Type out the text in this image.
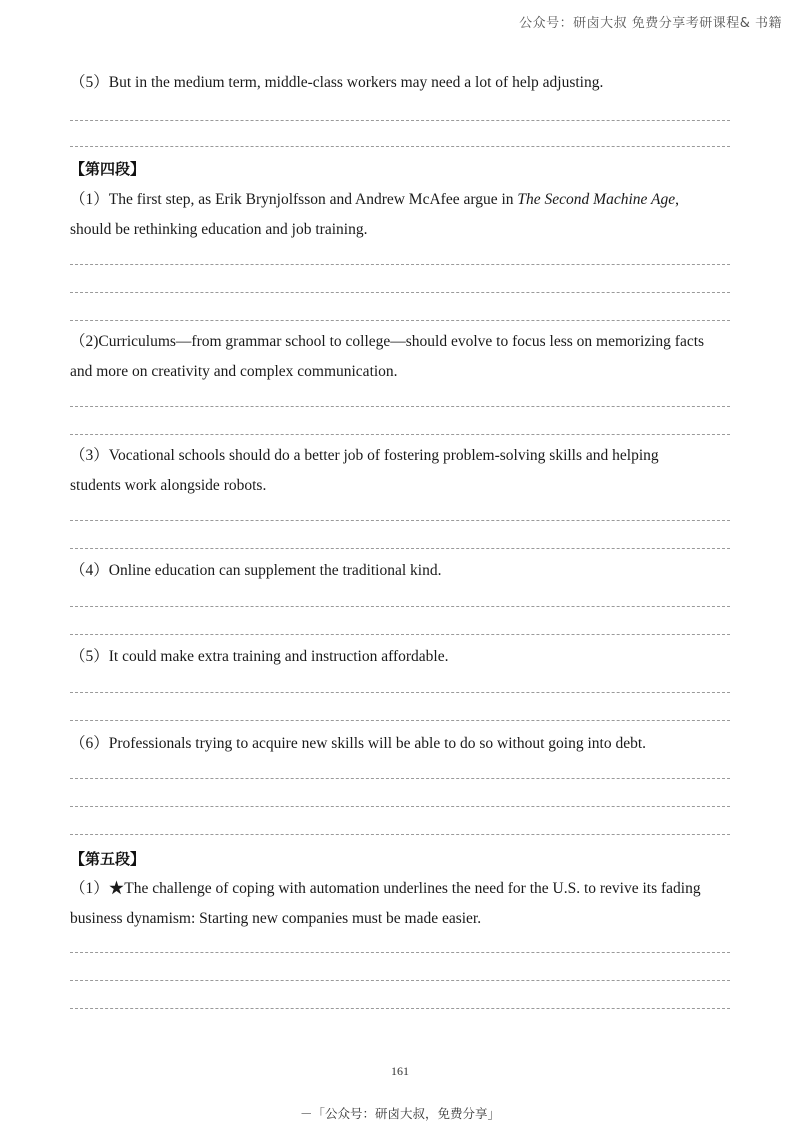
公众号：研卤大叔 免费分享考研课程& 书籍
（5）But in the medium term, middle-class workers may need a lot of help adjusting.
【第四段】
（1）The first step, as Erik Brynjolfsson and Andrew McAfee argue in The Second Machine Age,
should be rethinking education and job training.
（2)Curriculums—from grammar school to college—should evolve to focus less on memorizing facts
and more on creativity and complex communication.
（3）Vocational schools should do a better job of fostering problem-solving skills and helping
students work alongside robots.
（4）Online education can supplement the traditional kind.
（5）It could make extra training and instruction affordable.
（6）Professionals trying to acquire new skills will be able to do so without going into debt.
【第五段】
（1）★The challenge of coping with automation underlines the need for the U.S. to revive its fading
business dynamism: Starting new companies must be made easier.
161
－「公众号：研卤大叔，免费分享」
